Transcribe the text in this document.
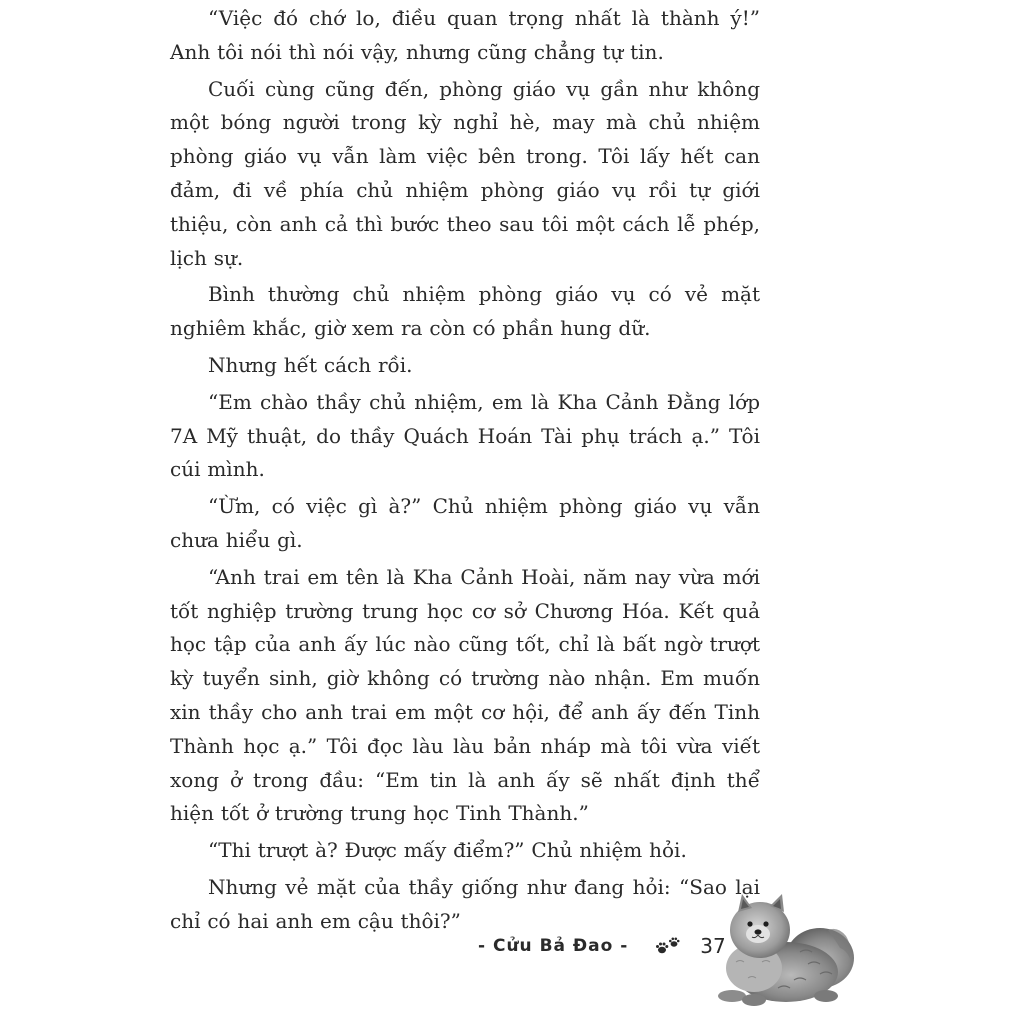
“Việc đó chớ lo, điều quan trọng nhất là thành ý!” Anh tôi nói thì nói vậy, nhưng cũng chẳng tự tin.

Cuối cùng cũng đến, phòng giáo vụ gần như không một bóng người trong kỳ nghỉ hè, may mà chủ nhiệm phòng giáo vụ vẫn làm việc bên trong. Tôi lấy hết can đảm, đi về phía chủ nhiệm phòng giáo vụ rồi tự giới thiệu, còn anh cả thì bước theo sau tôi một cách lễ phép, lịch sự.

Bình thường chủ nhiệm phòng giáo vụ có vẻ mặt nghiêm khắc, giờ xem ra còn có phần hung dữ.

Nhưng hết cách rồi.

“Em chào thầy chủ nhiệm, em là Kha Cảnh Đằng lớp 7A Mỹ thuật, do thầy Quách Hoán Tài phụ trách ạ.” Tôi cúi mình.

“Ừm, có việc gì à?” Chủ nhiệm phòng giáo vụ vẫn chưa hiểu gì.

“Anh trai em tên là Kha Cảnh Hoài, năm nay vừa mới tốt nghiệp trường trung học cơ sở Chương Hóa. Kết quả học tập của anh ấy lúc nào cũng tốt, chỉ là bất ngờ trượt kỳ tuyển sinh, giờ không có trường nào nhận. Em muốn xin thầy cho anh trai em một cơ hội, để anh ấy đến Tinh Thành học ạ.” Tôi đọc làu làu bản nháp mà tôi vừa viết xong ở trong đầu: “Em tin là anh ấy sẽ nhất định thể hiện tốt ở trường trung học Tinh Thành.”

“Thi trượt à? Được mấy điểm?” Chủ nhiệm hỏi.

Nhưng vẻ mặt của thầy giống như đang hỏi: “Sao lại chỉ có hai anh em cậu thôi?”

- Cửu Bả Đao -	37
